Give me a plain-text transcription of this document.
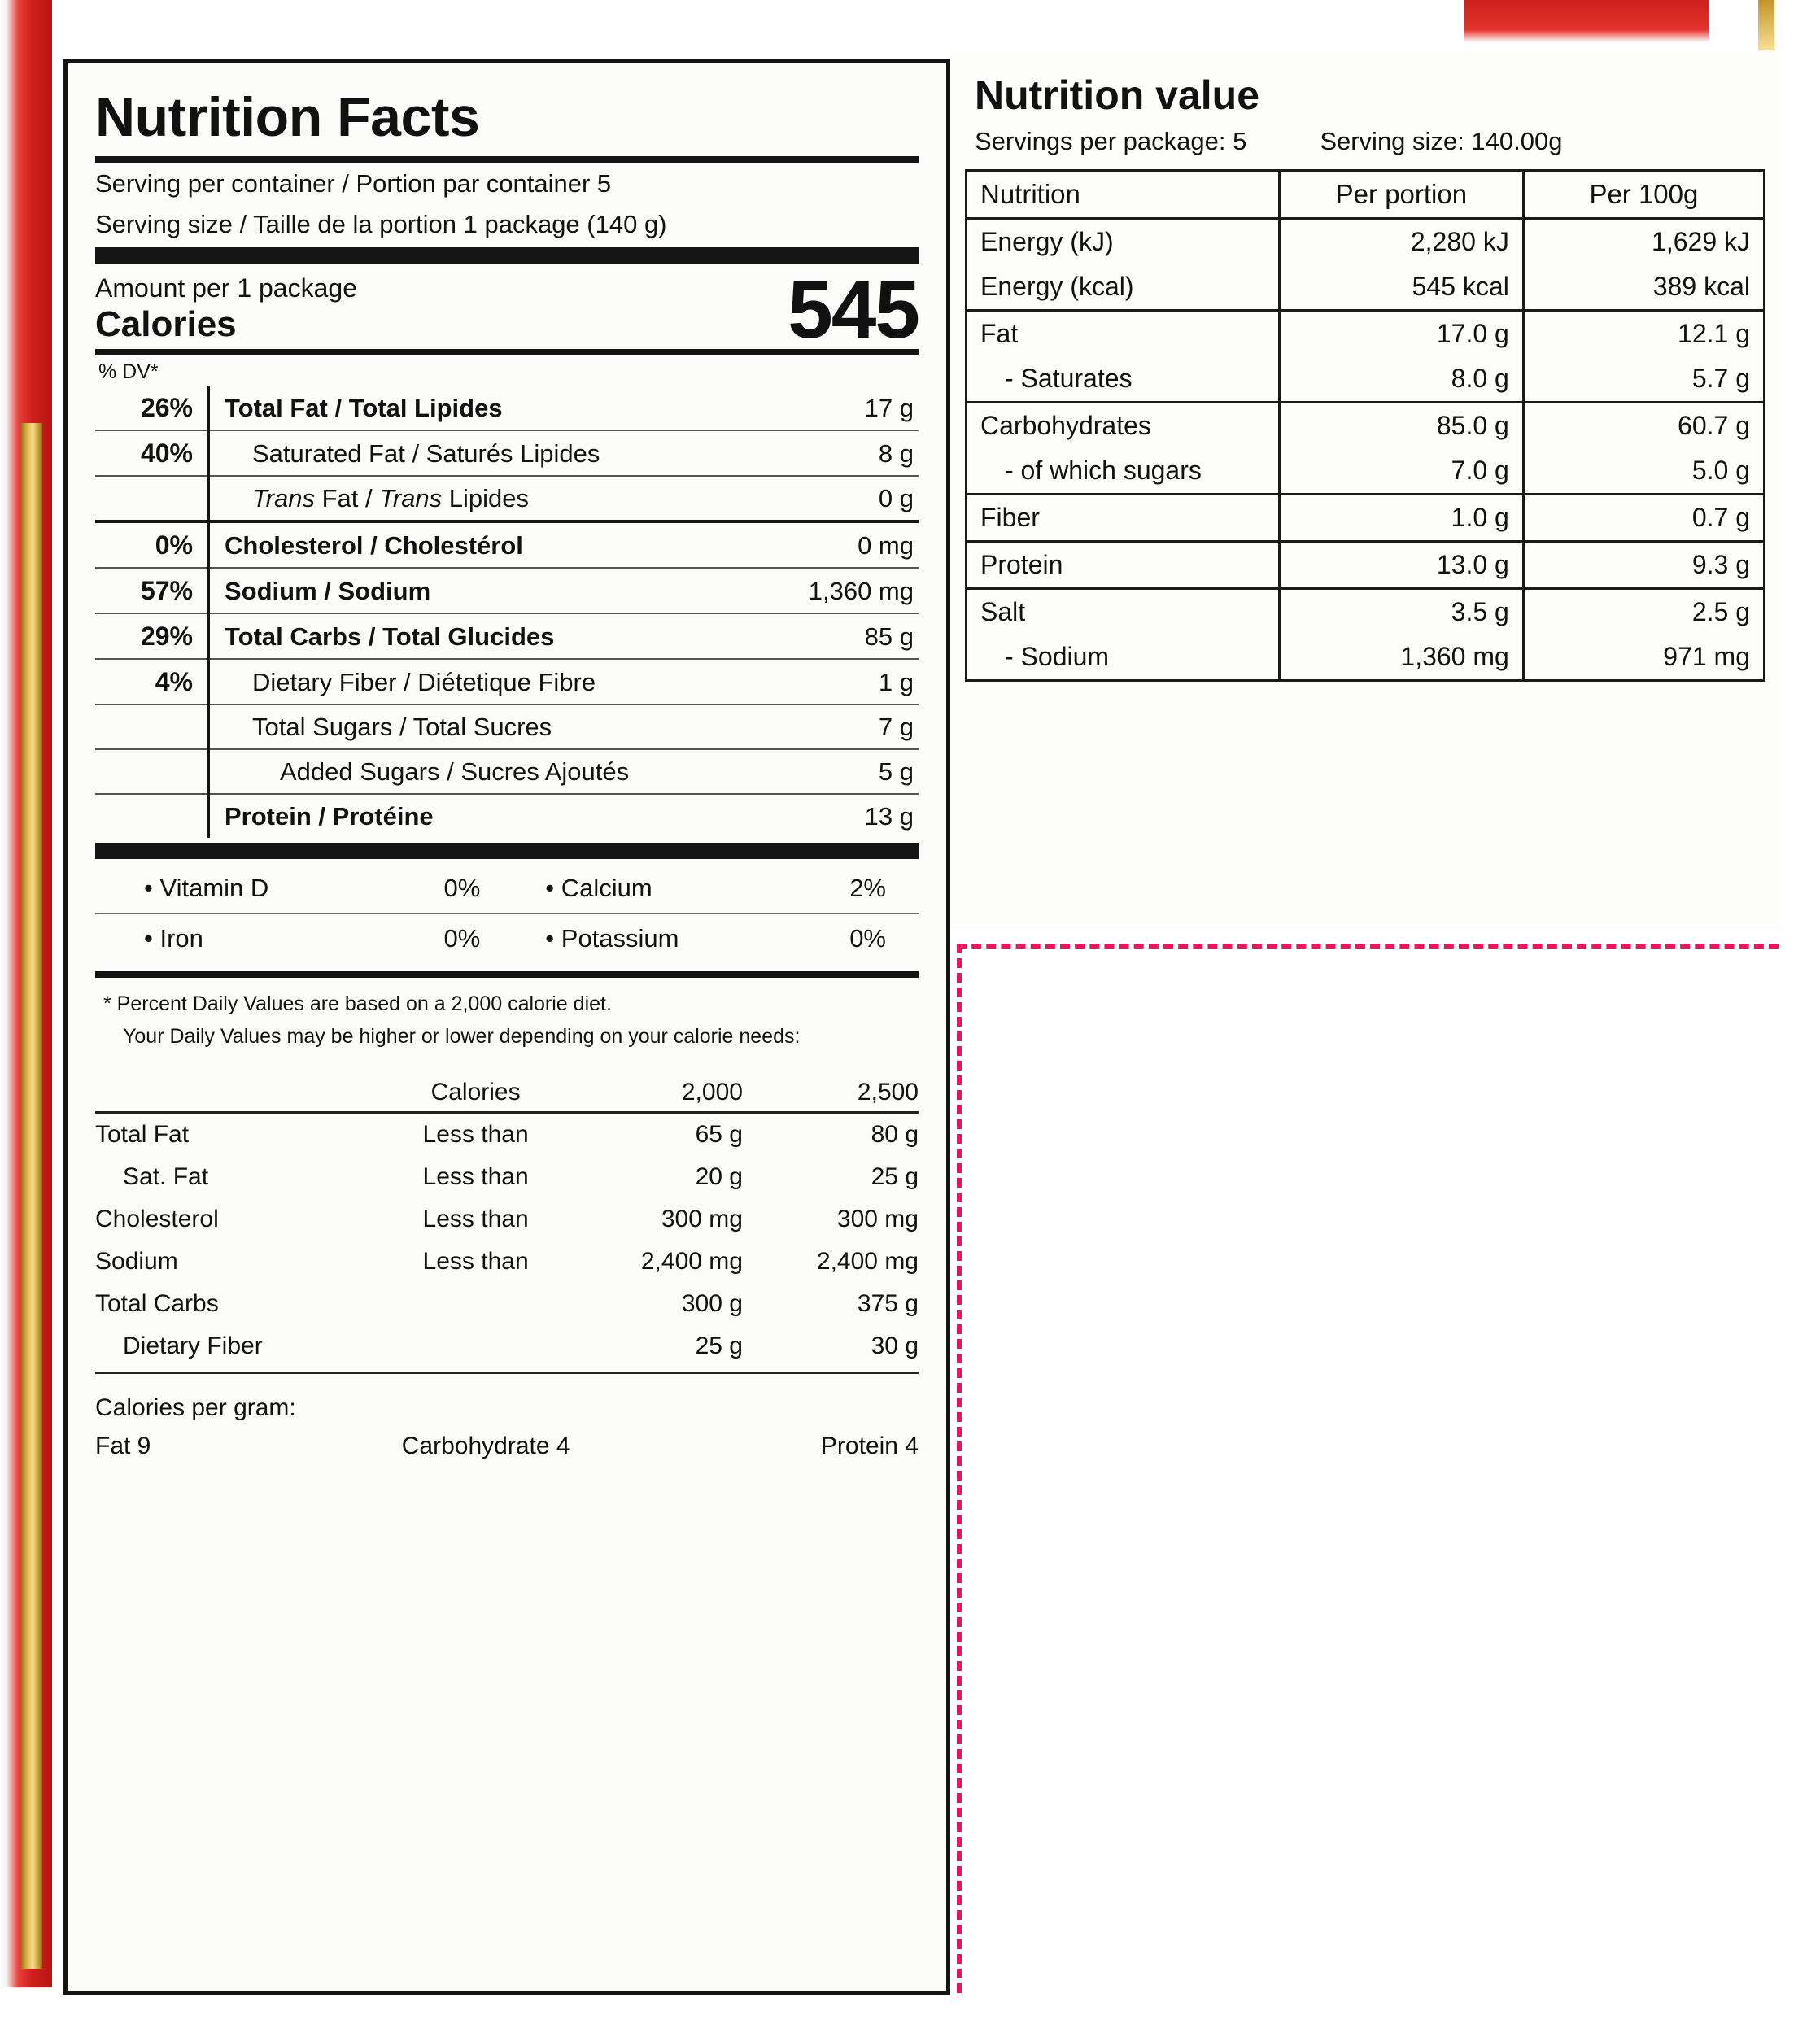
Nutrition Facts
Serving per container / Portion par container 5
Serving size / Taille de la portion 1 package (140 g)
Amount per 1 package
Calories	545
% DV*
26%	Total Fat / Total Lipides	17 g
40%	Saturated Fat / Saturés Lipides	8 g
	Trans Fat / Trans Lipides	0 g
0%	Cholesterol / Cholestérol	0 mg
57%	Sodium / Sodium	1,360 mg
29%	Total Carbs / Total Glucides	85 g
4%	Dietary Fiber / Diétetique Fibre	1 g
	Total Sugars / Total Sucres	7 g
	Added Sugars / Sucres Ajoutés	5 g
	Protein / Protéine	13 g
• Vitamin D	0%	• Calcium	2%
• Iron	0%	• Potassium	0%
* Percent Daily Values are based on a 2,000 calorie diet.
Your Daily Values may be higher or lower depending on your calorie needs:
	Calories	2,000	2,500
Total Fat	Less than	65 g	80 g
Sat. Fat	Less than	20 g	25 g
Cholesterol	Less than	300 mg	300 mg
Sodium	Less than	2,400 mg	2,400 mg
Total Carbs		300 g	375 g
Dietary Fiber		25 g	30 g
Calories per gram:
Fat 9	Carbohydrate 4	Protein 4
Nutrition value
Servings per package: 5	Serving size: 140.00g
Nutrition	Per portion	Per 100g
Energy (kJ)	2,280 kJ	1,629 kJ
Energy (kcal)	545 kcal	389 kcal
Fat	17.0 g	12.1 g
- Saturates	8.0 g	5.7 g
Carbohydrates	85.0 g	60.7 g
- of which sugars	7.0 g	5.0 g
Fiber	1.0 g	0.7 g
Protein	13.0 g	9.3 g
Salt	3.5 g	2.5 g
- Sodium	1,360 mg	971 mg
